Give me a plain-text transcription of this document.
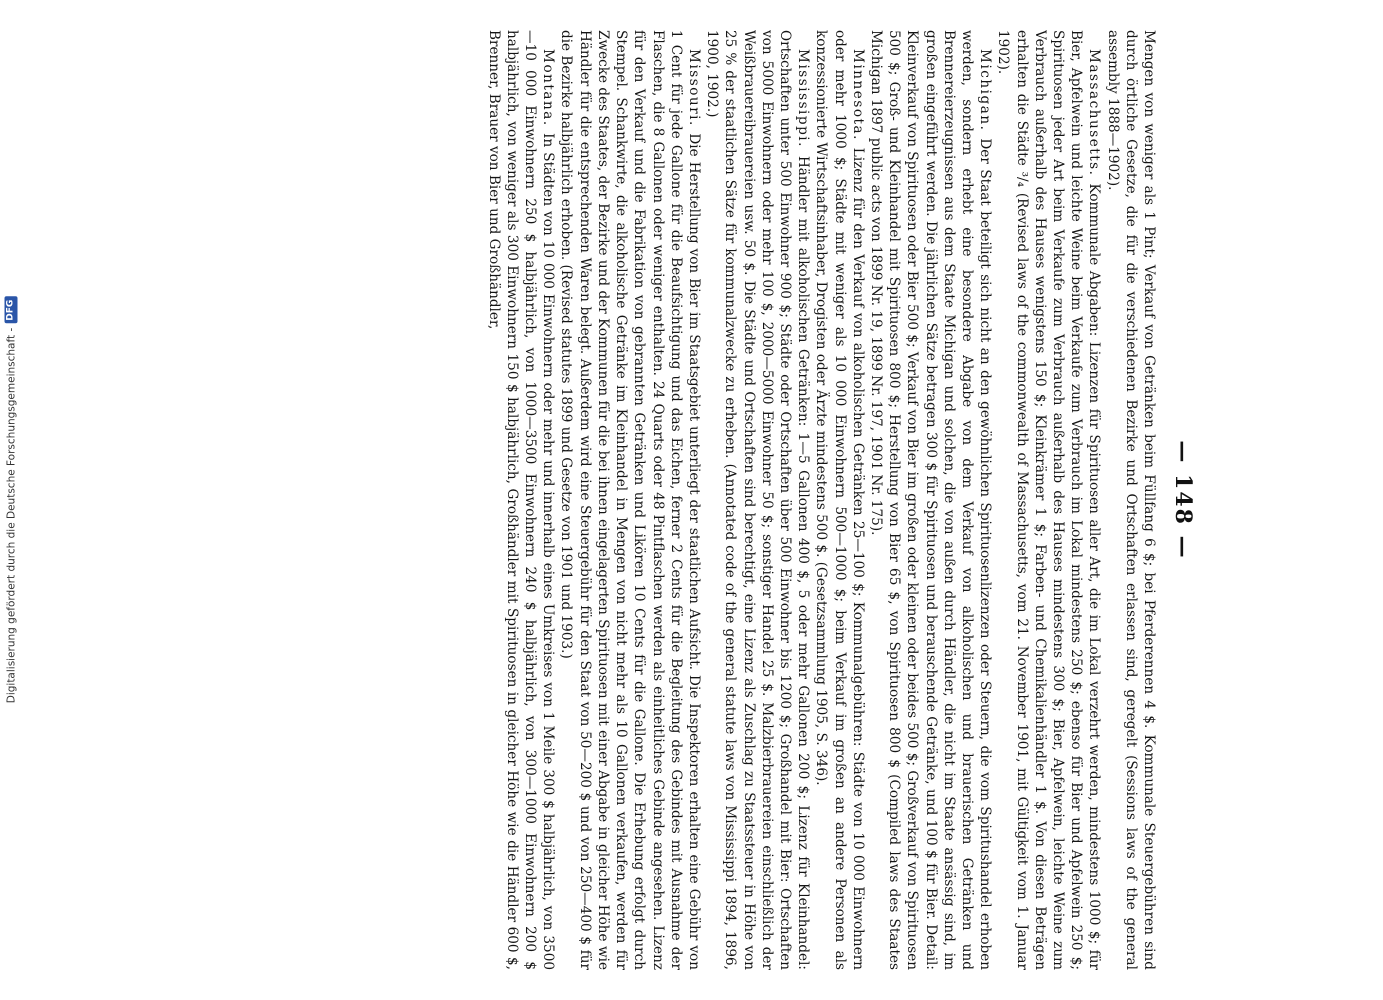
Digitalisierung gefördert durch die Deutsche Forschungsgemeinschaft -
DFG
— 148 —

Mengen von weniger als 1 Pint; Verkauf von Getränken beim Füllfang 6 $; bei Pferderennen 4 $. Kommunale Steuergebühren sind durch örtliche Gesetze, die für die verschiedenen Bezirke und Ortschaften erlassen sind, geregelt (Sessions laws of the general assembly 1888—1902).

Massachusetts. Kommunale Abgaben: Lizenzen für Spirituosen aller Art, die im Lokal verzehrt werden, mindestens 1000 $; für Bier, Apfelwein und leichte Weine beim Verkaufe zum Verbrauch im Lokal mindestens 250 $; ebenso für Bier und Apfelwein 250 $; Spirituosen jeder Art beim Verkaufe zum Verbrauch außerhalb des Hauses mindestens 300 $; Bier, Apfelwein, leichte Weine zum Verbrauch außerhalb des Hauses wenigstens 150 $; Kleinkrämer 1 $; Farben- und Chemikalienhändler 1 $. Von diesen Beträgen erhalten die Städte ³/₄ (Revised laws of the commonwealth of Massachusetts, vom 21. November 1901, mit Gültigkeit vom 1. Januar 1902).

Michigan. Der Staat beteiligt sich nicht an den gewöhnlichen Spirituosenlizenzen oder Steuern, die vom Spiritushandel erhoben werden, sondern erhebt eine besondere Abgabe von dem Verkauf von alkoholischen und brauerischen Getränken und Brennereierzeugnissen aus dem Staate Michigan und solchen, die von außen durch Händler, die nicht im Staate ansässig sind, im großen eingeführt werden. Die jährlichen Sätze betragen 300 $ für Spirituosen und berauschende Getränke, und 100 $ für Bier. Detail: Kleinverkauf von Spirituosen oder Bier 500 $; Verkauf von Bier im großen oder kleinen oder beides 500 $; Großverkauf von Spirituosen 500 $; Groß- und Kleinhandel mit Spirituosen 800 $; Herstellung von Bier 65 $, von Spirituosen 800 $ (Compiled laws des Staates Michigan 1897 public acts von 1899 Nr. 19, 1899 Nr. 197, 1901 Nr. 175).

Minnesota. Lizenz für den Verkauf von alkoholischen Getränken 25—100 $; Kommunalgebühren: Städte von 10 000 Einwohnern oder mehr 1000 $; Städte mit weniger als 10 000 Einwohnern 500—1000 $; beim Verkauf im großen an andere Personen als konzessionierte Wirtschaftsinhaber, Drogisten oder Ärzte mindestens 500 $. (Gesetzsammlung 1905, S. 346).

Mississippi. Händler mit alkoholischen Getränken: 1—5 Gallonen 400 $, 5 oder mehr Gallonen 200 $; Lizenz für Kleinhandel: Ortschaften unter 500 Einwohner 900 $; Städte oder Ortschaften über 500 Einwohner bis 1200 $; Großhandel mit Bier: Ortschaften von 5000 Einwohnern oder mehr 100 $, 2000—5000 Einwohner 50 $; sonstiger Handel 25 $. Malzbierbrauereien einschließlich der Weißbrauereibrauereien usw. 50 $. Die Städte und Ortschaften sind berechtigt, eine Lizenz als Zuschlag zu Staatssteuer in Höhe von 25 % der staatlichen Sätze für kommunalzwecke zu erheben. (Annotated code of the general statute laws von Mississippi 1894, 1896, 1900, 1902.)

Missouri. Die Herstellung von Bier im Staatsgebiet unterliegt der staatlichen Aufsicht. Die Inspektoren erhalten eine Gebühr von 1 Cent für jede Gallone für die Beaufsichtigung und das Eichen, ferner 2 Cents für die Begleitung des Gebindes mit Ausnahme der Flaschen, die 8 Gallonen oder weniger enthalten. 24 Quarts oder 48 Pintflaschen werden als einheitliches Gebinde angesehen. Lizenz für den Verkauf und die Fabrikation von gebrannten Getränken und Likören 10 Cents für die Gallone. Die Erhebung erfolgt durch Stempel. Schankwirte, die alkoholische Getränke im Kleinhandel in Mengen von nicht mehr als 10 Gallonen verkaufen, werden für Zwecke des Staates, der Bezirke und der Kommunen für die bei ihnen eingelagerten Spirituosen mit einer Abgabe in gleicher Höhe wie Händler für die entsprechenden Waren belegt. Außerdem wird eine Steuergebühr für den Staat von 50—200 $ und von 250—400 $ für die Bezirke halbjährlich erhoben. (Revised statutes 1899 und Gesetze von 1901 und 1903.)

Montana. In Städten von 10 000 Einwohnern oder mehr und innerhalb eines Umkreises von 1 Meile 300 $ halbjährlich, von 3500—10 000 Einwohnern 250 $ halbjährlich, von 1000—3500 Einwohnern 240 $ halbjährlich, von 300—1000 Einwohnern 200 $ halbjährlich, von weniger als 300 Einwohnern 150 $ halbjährlich, Großhändler mit Spirituosen in gleicher Höhe wie die Händler 600 $, Brenner, Brauer von Bier und Großhändler,
